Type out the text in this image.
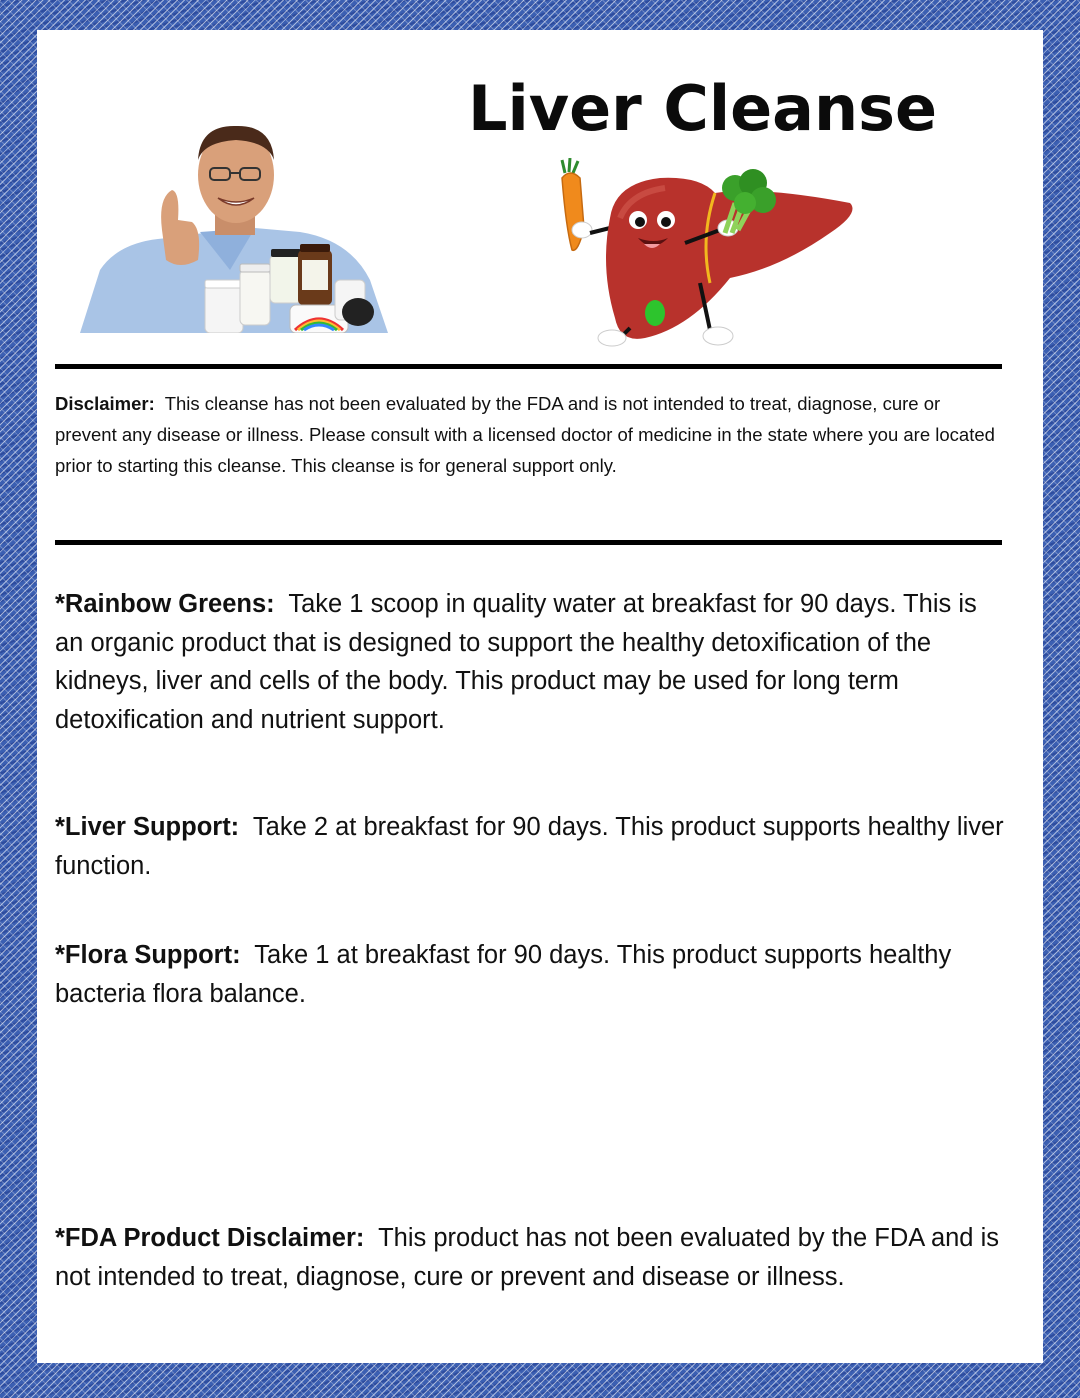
Liver Cleanse

Disclaimer: This cleanse has not been evaluated by the FDA and is not intended to treat, diagnose, cure or prevent any disease or illness. Please consult with a licensed doctor of medicine in the state where you are located prior to starting this cleanse. This cleanse is for general support only.

*Rainbow Greens: Take 1 scoop in quality water at breakfast for 90 days. This is an organic product that is designed to support the healthy detoxification of the kidneys, liver and cells of the body. This product may be used for long term detoxification and nutrient support.

*Liver Support: Take 2 at breakfast for 90 days. This product supports healthy liver function.

*Flora Support: Take 1 at breakfast for 90 days. This product supports healthy bacteria flora balance.

*FDA Product Disclaimer: This product has not been evaluated by the FDA and is not intended to treat, diagnose, cure or prevent and disease or illness.
